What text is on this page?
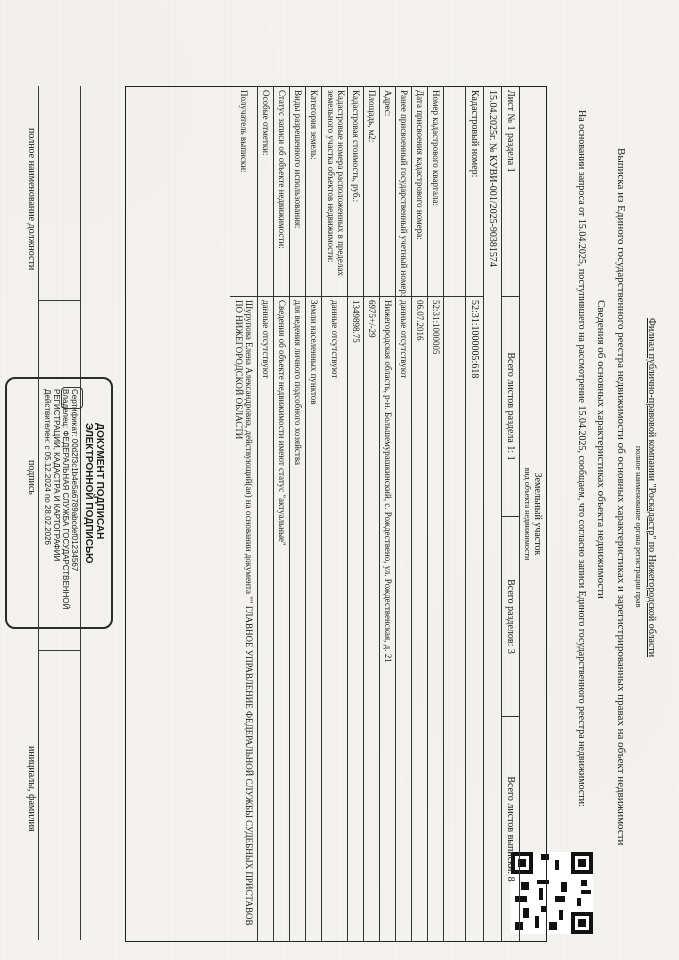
Филиал публично-правовой компании "Роскадастр" по Нижегородской области
полное наименование органа регистрации прав
Выписка из Единого государственного реестра недвижимости об основных характеристиках и зарегистрированных правах на объект недвижимости
Сведения об основных характеристиках объекта недвижимости
На основании запроса от 15.04.2025, поступившего на рассмотрение 15.04.2025, сообщаем, что согласно записи Единого государственного реестра недвижимости:
Земельный участок
вид объекта недвижимости
Лист № 1 раздела 1
Всего листов раздела 1: 1
Всего разделов: 3
Всего листов выписки: 8
15.04.2025г. № КУВИ-001/2025-90381574
Кадастровый номер:
52:31:1000005:618
Номер кадастрового квартала:
52:31:1000005
Дата присвоения кадастрового номера:
06.07.2016
Ранее присвоенный государственный учетный номер:
данные отсутствуют
Адрес:
Нижегородская область, р-н. Большемурашкинский, с. Рождествено, ул. Рождественская, д. 21
Площадь, м2:
6975+/-29
Кадастровая стоимость, руб.:
1349898.75
Кадастровые номера расположенных в пределах земельного участка объектов недвижимости:
данные отсутствуют
Категория земель:
Земли населенных пунктов
Виды разрешенного использования:
для ведения личного подсобного хозяйства
Статус записи об объекте недвижимости:
Сведения об объекте недвижимости имеют статус "актуальные"
Особые отметки:
данные отсутствуют
Получатель выписки:
Шурупова Елена Александровна, действующий(ая) на основании документа "" ГЛАВНОЕ УПРАВЛЕНИЕ ФЕДЕРАЛЬНОЙ СЛУЖБЫ СУДЕБНЫХ ПРИСТАВОВ ПО НИЖЕГОРОДСКОЙ ОБЛАСТИ
полное наименование должности
подпись
инициалы, фамилия
ДОКУМЕНТ ПОДПИСАН
ЭЛЕКТРОННОЙ ПОДПИСЬЮ
Сертификат: 00d2f3c1b4e5a6789abcdef01234567
Владелец: ФЕДЕРАЛЬНАЯ СЛУЖБА ГОСУДАРСТВЕННОЙ
РЕГИСТРАЦИИ, КАДАСТРА И КАРТОГРАФИИ
Действителен: с 05.12.2024 по 28.02.2026
